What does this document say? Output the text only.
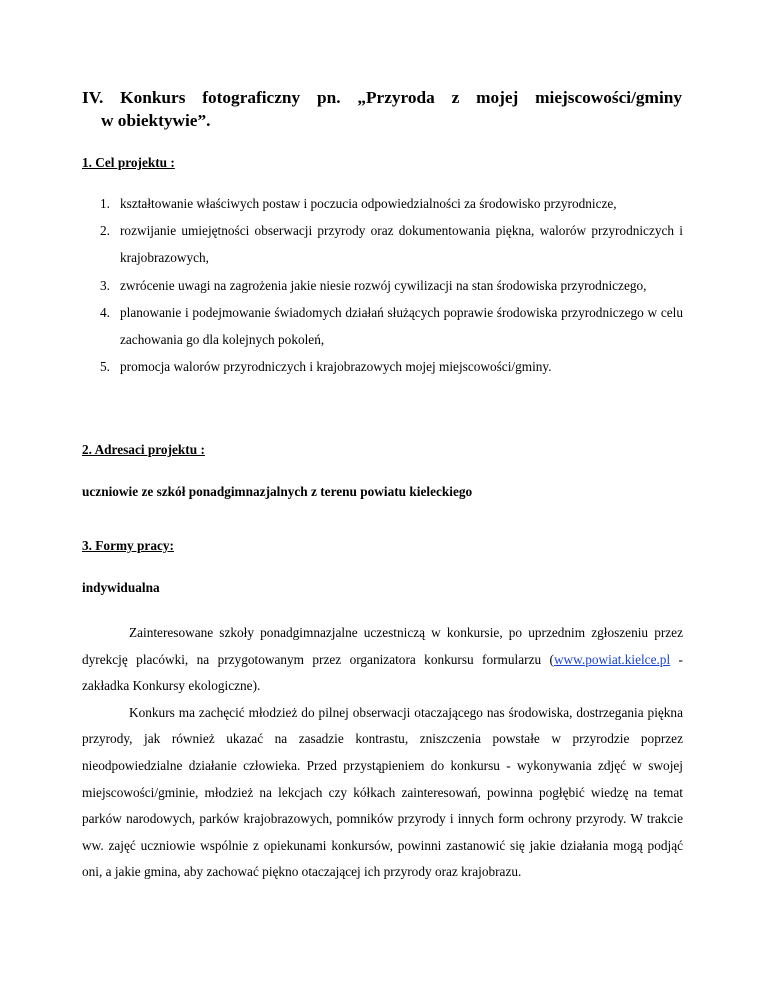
IV. Konkurs fotograficzny pn. „Przyroda z mojej miejscowości/gminy
w obiektywie”.
1. Cel projektu :
1. kształtowanie właściwych postaw i poczucia odpowiedzialności za środowisko przyrodnicze,
2. rozwijanie umiejętności obserwacji przyrody oraz dokumentowania piękna, walorów przyrodniczych i krajobrazowych,
3. zwrócenie uwagi na zagrożenia jakie niesie rozwój cywilizacji na stan środowiska przyrodniczego,
4. planowanie i podejmowanie świadomych działań służących poprawie środowiska przyrodniczego w celu zachowania go dla kolejnych pokoleń,
5. promocja walorów przyrodniczych i krajobrazowych mojej miejscowości/gminy.
2. Adresaci projektu :
uczniowie ze szkół ponadgimnazjalnych z terenu powiatu kieleckiego
3. Formy pracy:
indywidualna

Zainteresowane szkoły ponadgimnazjalne uczestniczą w konkursie, po uprzednim zgłoszeniu przez dyrekcję placówki, na przygotowanym przez organizatora konkursu formularzu (www.powiat.kielce.pl - zakładka Konkursy ekologiczne).

Konkurs ma zachęcić młodzież do pilnej obserwacji otaczającego nas środowiska, dostrzegania piękna przyrody, jak również ukazać na zasadzie kontrastu, zniszczenia powstałe w przyrodzie poprzez nieodpowiedzialne działanie człowieka. Przed przystąpieniem do konkursu - wykonywania zdjęć w swojej miejscowości/gminie, młodzież na lekcjach czy kółkach zainteresowań, powinna pogłębić wiedzę na temat parków narodowych, parków krajobrazowych, pomników przyrody i innych form ochrony przyrody. W trakcie ww. zajęć uczniowie wspólnie z opiekunami konkursów, powinni zastanowić się jakie działania mogą podjąć oni, a jakie gmina, aby zachować piękno otaczającej ich przyrody oraz krajobrazu.
